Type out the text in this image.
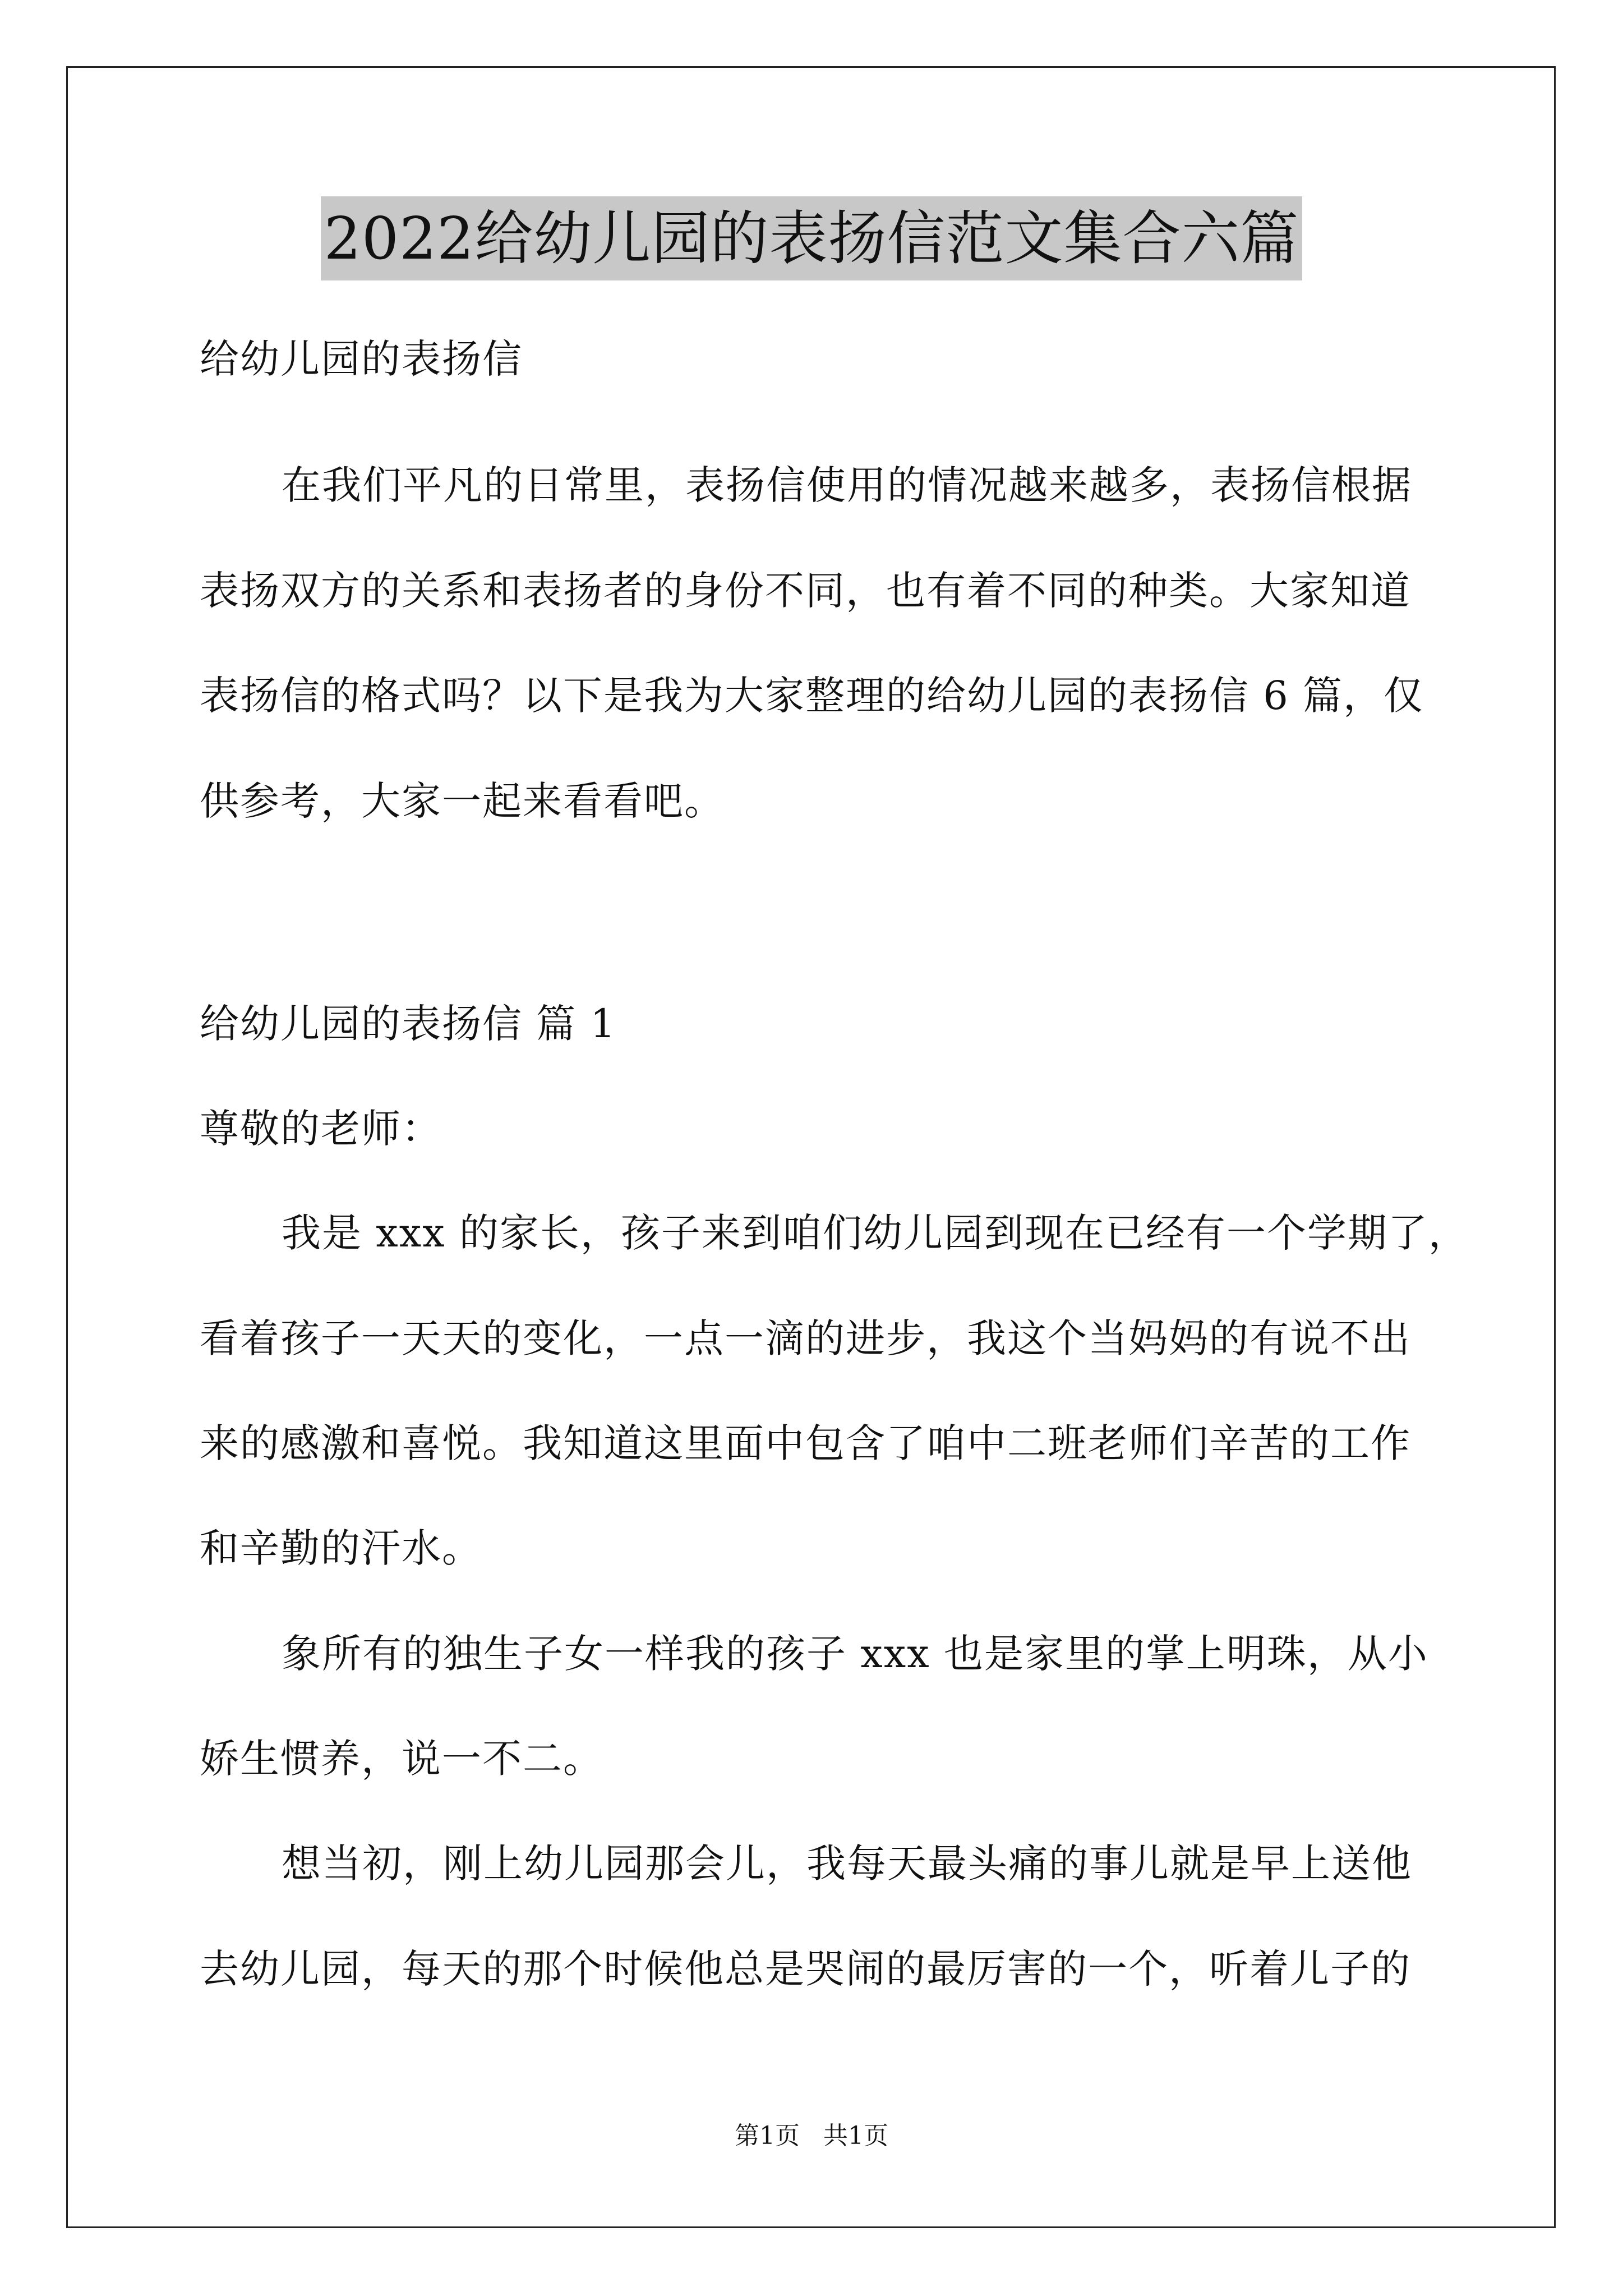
2022给幼儿园的表扬信范文集合六篇
给幼儿园的表扬信
在我们平凡的日常里，表扬信使用的情况越来越多，表扬信根据
表扬双方的关系和表扬者的身份不同，也有着不同的种类。大家知道
表扬信的格式吗？以下是我为大家整理的给幼儿园的表扬信 6 篇，仅
供参考，大家一起来看看吧。
给幼儿园的表扬信 篇 1
尊敬的老师：
我是 xxx 的家长，孩子来到咱们幼儿园到现在已经有一个学期了，
看着孩子一天天的变化，一点一滴的进步，我这个当妈妈的有说不出
来的感激和喜悦。我知道这里面中包含了咱中二班老师们辛苦的工作
和辛勤的汗水。
象所有的独生子女一样我的孩子 xxx 也是家里的掌上明珠，从小
娇生惯养，说一不二。
想当初，刚上幼儿园那会儿，我每天最头痛的事儿就是早上送他
去幼儿园，每天的那个时候他总是哭闹的最厉害的一个，听着儿子的
第1页 共1页
